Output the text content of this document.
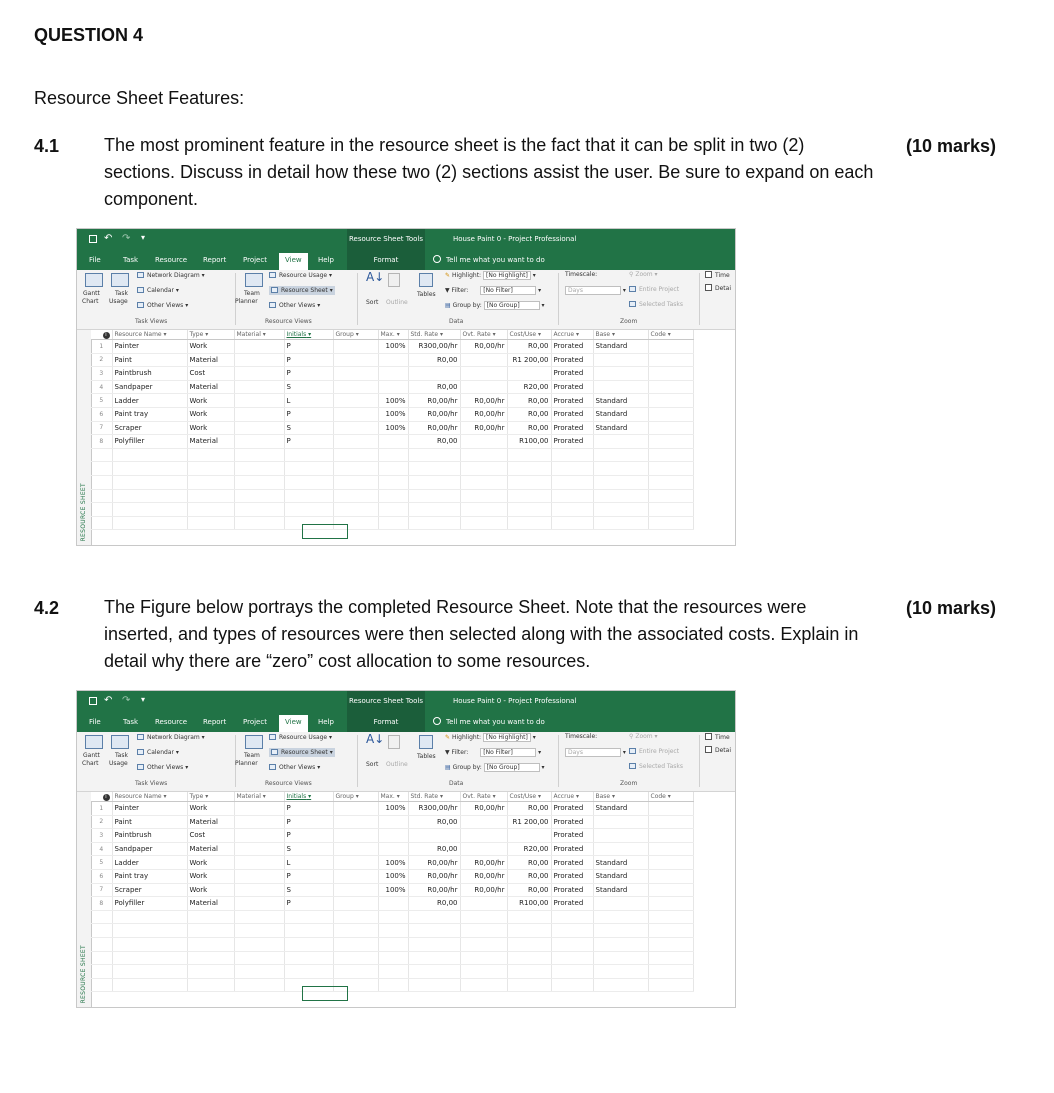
QUESTION 4
Resource Sheet Features:
4.1 The most prominent feature in the resource sheet is the fact that it can be split in two (2) sections. Discuss in detail how these two (2) sections assist the user. Be sure to expand on each component.
(10 marks)
4.2 The Figure below portrays the completed Resource Sheet. Note that the resources were inserted, and types of resources were then selected along with the associated costs. Explain in detail why there are “zero” cost allocation to some resources.
(10 marks)
↶ ↷ ▾	Resource Sheet Tools	House Paint 0 - Project Professional
File	Task Resource Report Project	View	Help	Format	Tell me what you want to do
Gantt
Chart
Task
Usage
Network Diagram ▾
Calendar ▾
Other Views ▾
Task Views
Team
Planner
Resource Usage ▾
Resource Sheet ▾
Other Views ▾
Resource Views
A↓
Sort Outline
Tables
✎ Highlight: [No Highlight] ▾
▼ Filter: [No Filter]	▾
▤ Group by: [No Group]	▾
Data
Timescale:
Days	▾
⚲ Zoom ▾
Entire Project
Selected Tasks
Zoom
Time
Detai
RESOURCE SHEET
i	Resource Name ▾	Type ▾	Material ▾	Initials ▾	Group ▾	Max. ▾	Std. Rate ▾	Ovt. Rate ▾	Cost/Use ▾	Accrue ▾	Base ▾	Code ▾
1	Painter	Work		P		100%	R300,00/hr	R0,00/hr	R0,00	Prorated	Standard	
2	Paint	Material		P			R0,00		R1 200,00	Prorated		
3	Paintbrush	Cost		P						Prorated		
4	Sandpaper	Material		S			R0,00		R20,00	Prorated		
5	Ladder	Work		L		100%	R0,00/hr	R0,00/hr	R0,00	Prorated	Standard	
6	Paint tray	Work		P		100%	R0,00/hr	R0,00/hr	R0,00	Prorated	Standard	
7	Scraper	Work		S		100%	R0,00/hr	R0,00/hr	R0,00	Prorated	Standard	
8	Polyfiller	Material		P			R0,00		R100,00	Prorated		

↶ ↷ ▾	Resource Sheet Tools	House Paint 0 - Project Professional
File	Task Resource Report Project	View	Help	Format	Tell me what you want to do
Gantt
Chart
Task
Usage
Network Diagram ▾
Calendar ▾
Other Views ▾
Task Views
Team
Planner
Resource Usage ▾
Resource Sheet ▾
Other Views ▾
Resource Views
A↓
Sort Outline
Tables
✎ Highlight: [No Highlight] ▾
▼ Filter: [No Filter]	▾
▤ Group by: [No Group]	▾
Data
Timescale:
Days	▾
⚲ Zoom ▾
Entire Project
Selected Tasks
Zoom
Time
Detai
RESOURCE SHEET
i	Resource Name ▾	Type ▾	Material ▾	Initials ▾	Group ▾	Max. ▾	Std. Rate ▾	Ovt. Rate ▾	Cost/Use ▾	Accrue ▾	Base ▾	Code ▾
1	Painter	Work		P		100%	R300,00/hr	R0,00/hr	R0,00	Prorated	Standard	
2	Paint	Material		P			R0,00		R1 200,00	Prorated		
3	Paintbrush	Cost		P						Prorated		
4	Sandpaper	Material		S			R0,00		R20,00	Prorated		
5	Ladder	Work		L		100%	R0,00/hr	R0,00/hr	R0,00	Prorated	Standard	
6	Paint tray	Work		P		100%	R0,00/hr	R0,00/hr	R0,00	Prorated	Standard	
7	Scraper	Work		S		100%	R0,00/hr	R0,00/hr	R0,00	Prorated	Standard	
8	Polyfiller	Material		P			R0,00		R100,00	Prorated		
